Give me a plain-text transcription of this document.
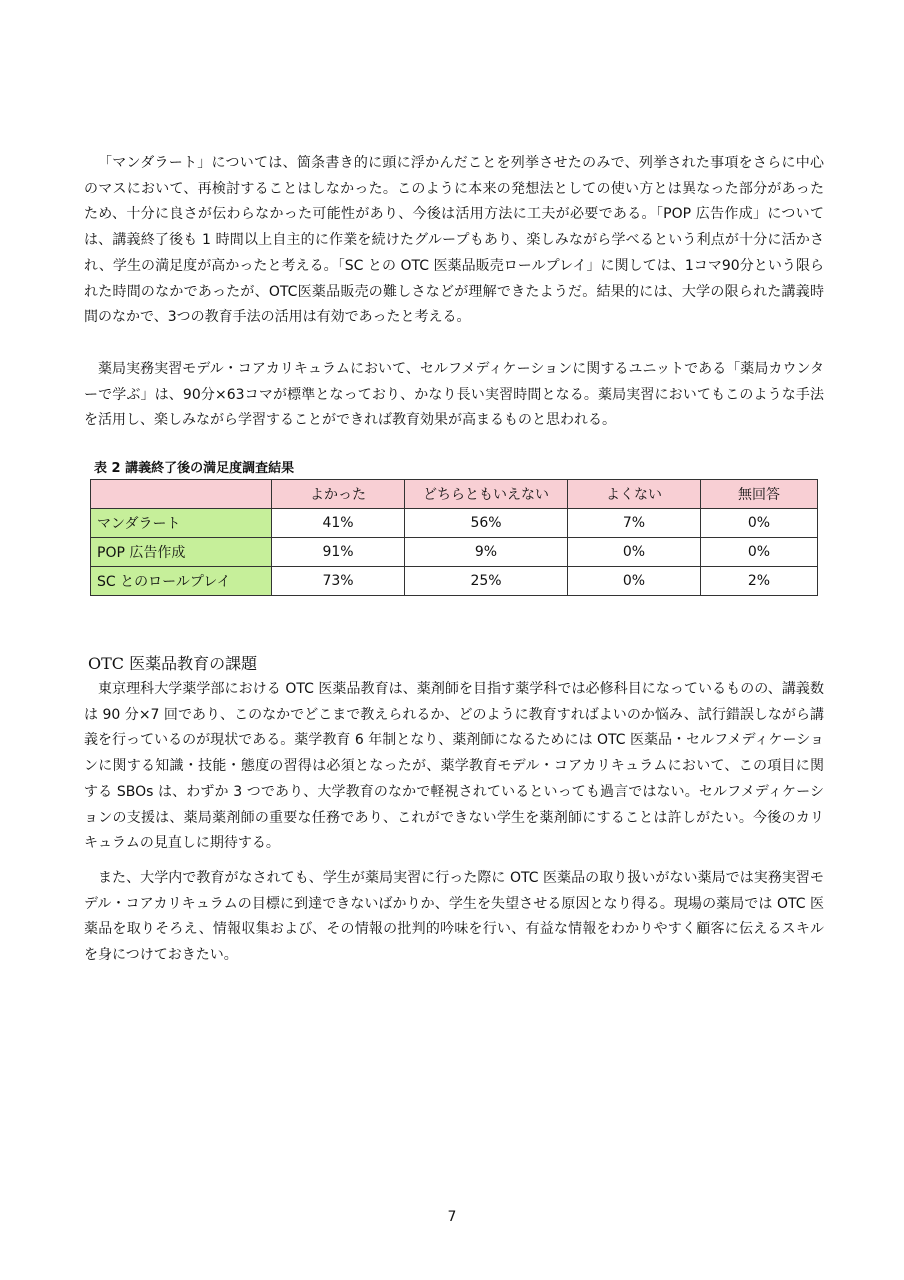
「マンダラート」については、箇条書き的に頭に浮かんだことを列挙させたのみで、列挙された事項をさらに中心のマスにおいて、再検討することはしなかった。このように本来の発想法としての使い方とは異なった部分があったため、十分に良さが伝わらなかった可能性があり、今後は活用方法に工夫が必要である。「POP 広告作成」については、講義終了後も 1 時間以上自主的に作業を続けたグループもあり、楽しみながら学べるという利点が十分に活かされ、学生の満足度が高かったと考える。「SC との OTC 医薬品販売ロールプレイ」に関しては、1コマ90分という限られた時間のなかであったが、OTC医薬品販売の難しさなどが理解できたようだ。結果的には、大学の限られた講義時間のなかで、3つの教育手法の活用は有効であったと考える。

薬局実務実習モデル・コアカリキュラムにおいて、セルフメディケーションに関するユニットである「薬局カウンターで学ぶ」は、90分×63コマが標準となっており、かなり長い実習時間となる。薬局実習においてもこのような手法を活用し、楽しみながら学習することができれば教育効果が高まるものと思われる。

表 2 講義終了後の満足度調査結果
	よかった	どちらともいえない	よくない	無回答
マンダラート	41%	56%	7%	0%
POP 広告作成	91%	9%	0%	0%
SC とのロールプレイ	73%	25%	0%	2%
OTC 医薬品教育の課題

東京理科大学薬学部における OTC 医薬品教育は、薬剤師を目指す薬学科では必修科目になっているものの、講義数は 90 分×7 回であり、このなかでどこまで教えられるか、どのように教育すればよいのか悩み、試行錯誤しながら講義を行っているのが現状である。薬学教育 6 年制となり、薬剤師になるためには OTC 医薬品・セルフメディケーションに関する知識・技能・態度の習得は必須となったが、薬学教育モデル・コアカリキュラムにおいて、この項目に関する SBOs は、わずか 3 つであり、大学教育のなかで軽視されているといっても過言ではない。セルフメディケーションの支援は、薬局薬剤師の重要な任務であり、これができない学生を薬剤師にすることは許しがたい。今後のカリキュラムの見直しに期待する。

また、大学内で教育がなされても、学生が薬局実習に行った際に OTC 医薬品の取り扱いがない薬局では実務実習モデル・コアカリキュラムの目標に到達できないばかりか、学生を失望させる原因となり得る。現場の薬局では OTC 医薬品を取りそろえ、情報収集および、その情報の批判的吟味を行い、有益な情報をわかりやすく顧客に伝えるスキルを身につけておきたい。

7
